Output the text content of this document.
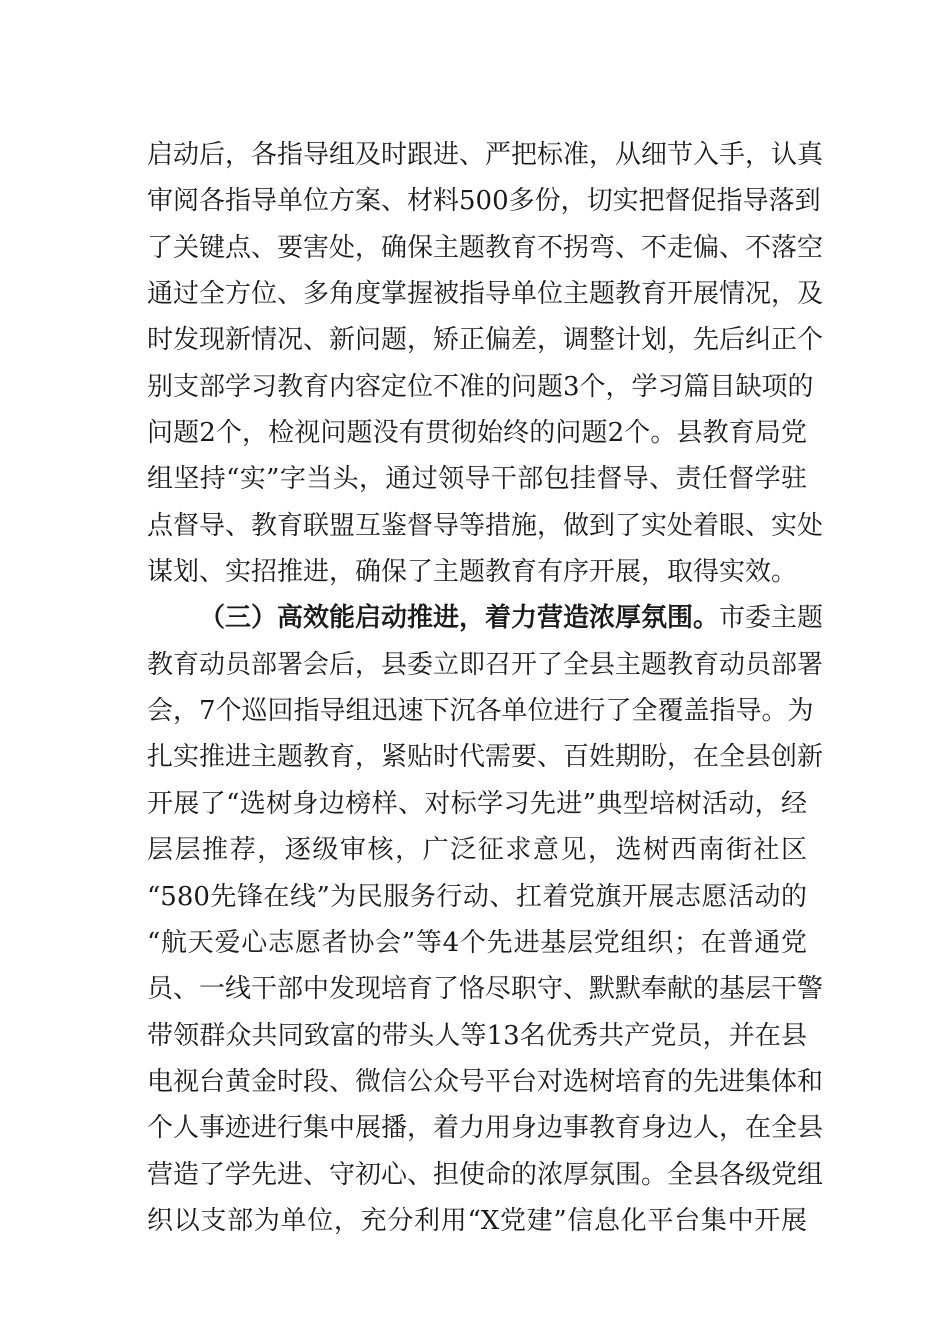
启动后，各指导组及时跟进、严把标准，从细节入手，认真
审阅各指导单位方案、材料500多份，切实把督促指导落到
了关键点、要害处，确保主题教育不拐弯、不走偏、不落空
通过全方位、多角度掌握被指导单位主题教育开展情况，及
时发现新情况、新问题，矫正偏差，调整计划，先后纠正个
别支部学习教育内容定位不准的问题3个，学习篇目缺项的
问题2个，检视问题没有贯彻始终的问题2个。县教育局党
组坚持“实”字当头，通过领导干部包挂督导、责任督学驻
点督导、教育联盟互鉴督导等措施，做到了实处着眼、实处
谋划、实招推进，确保了主题教育有序开展，取得实效。
（三）高效能启动推进，着力营造浓厚氛围。市委主题
教育动员部署会后，县委立即召开了全县主题教育动员部署
会，7个巡回指导组迅速下沉各单位进行了全覆盖指导。为
扎实推进主题教育，紧贴时代需要、百姓期盼，在全县创新
开展了“选树身边榜样、对标学习先进”典型培树活动，经
层层推荐，逐级审核，广泛征求意见，选树西南街社区
“580先锋在线”为民服务行动、扛着党旗开展志愿活动的
“航天爱心志愿者协会”等4个先进基层党组织；在普通党
员、一线干部中发现培育了恪尽职守、默默奉献的基层干警
带领群众共同致富的带头人等13名优秀共产党员，并在县
电视台黄金时段、微信公众号平台对选树培育的先进集体和
个人事迹进行集中展播，着力用身边事教育身边人，在全县
营造了学先进、守初心、担使命的浓厚氛围。全县各级党组
织以支部为单位，充分利用“X党建”信息化平台集中开展
